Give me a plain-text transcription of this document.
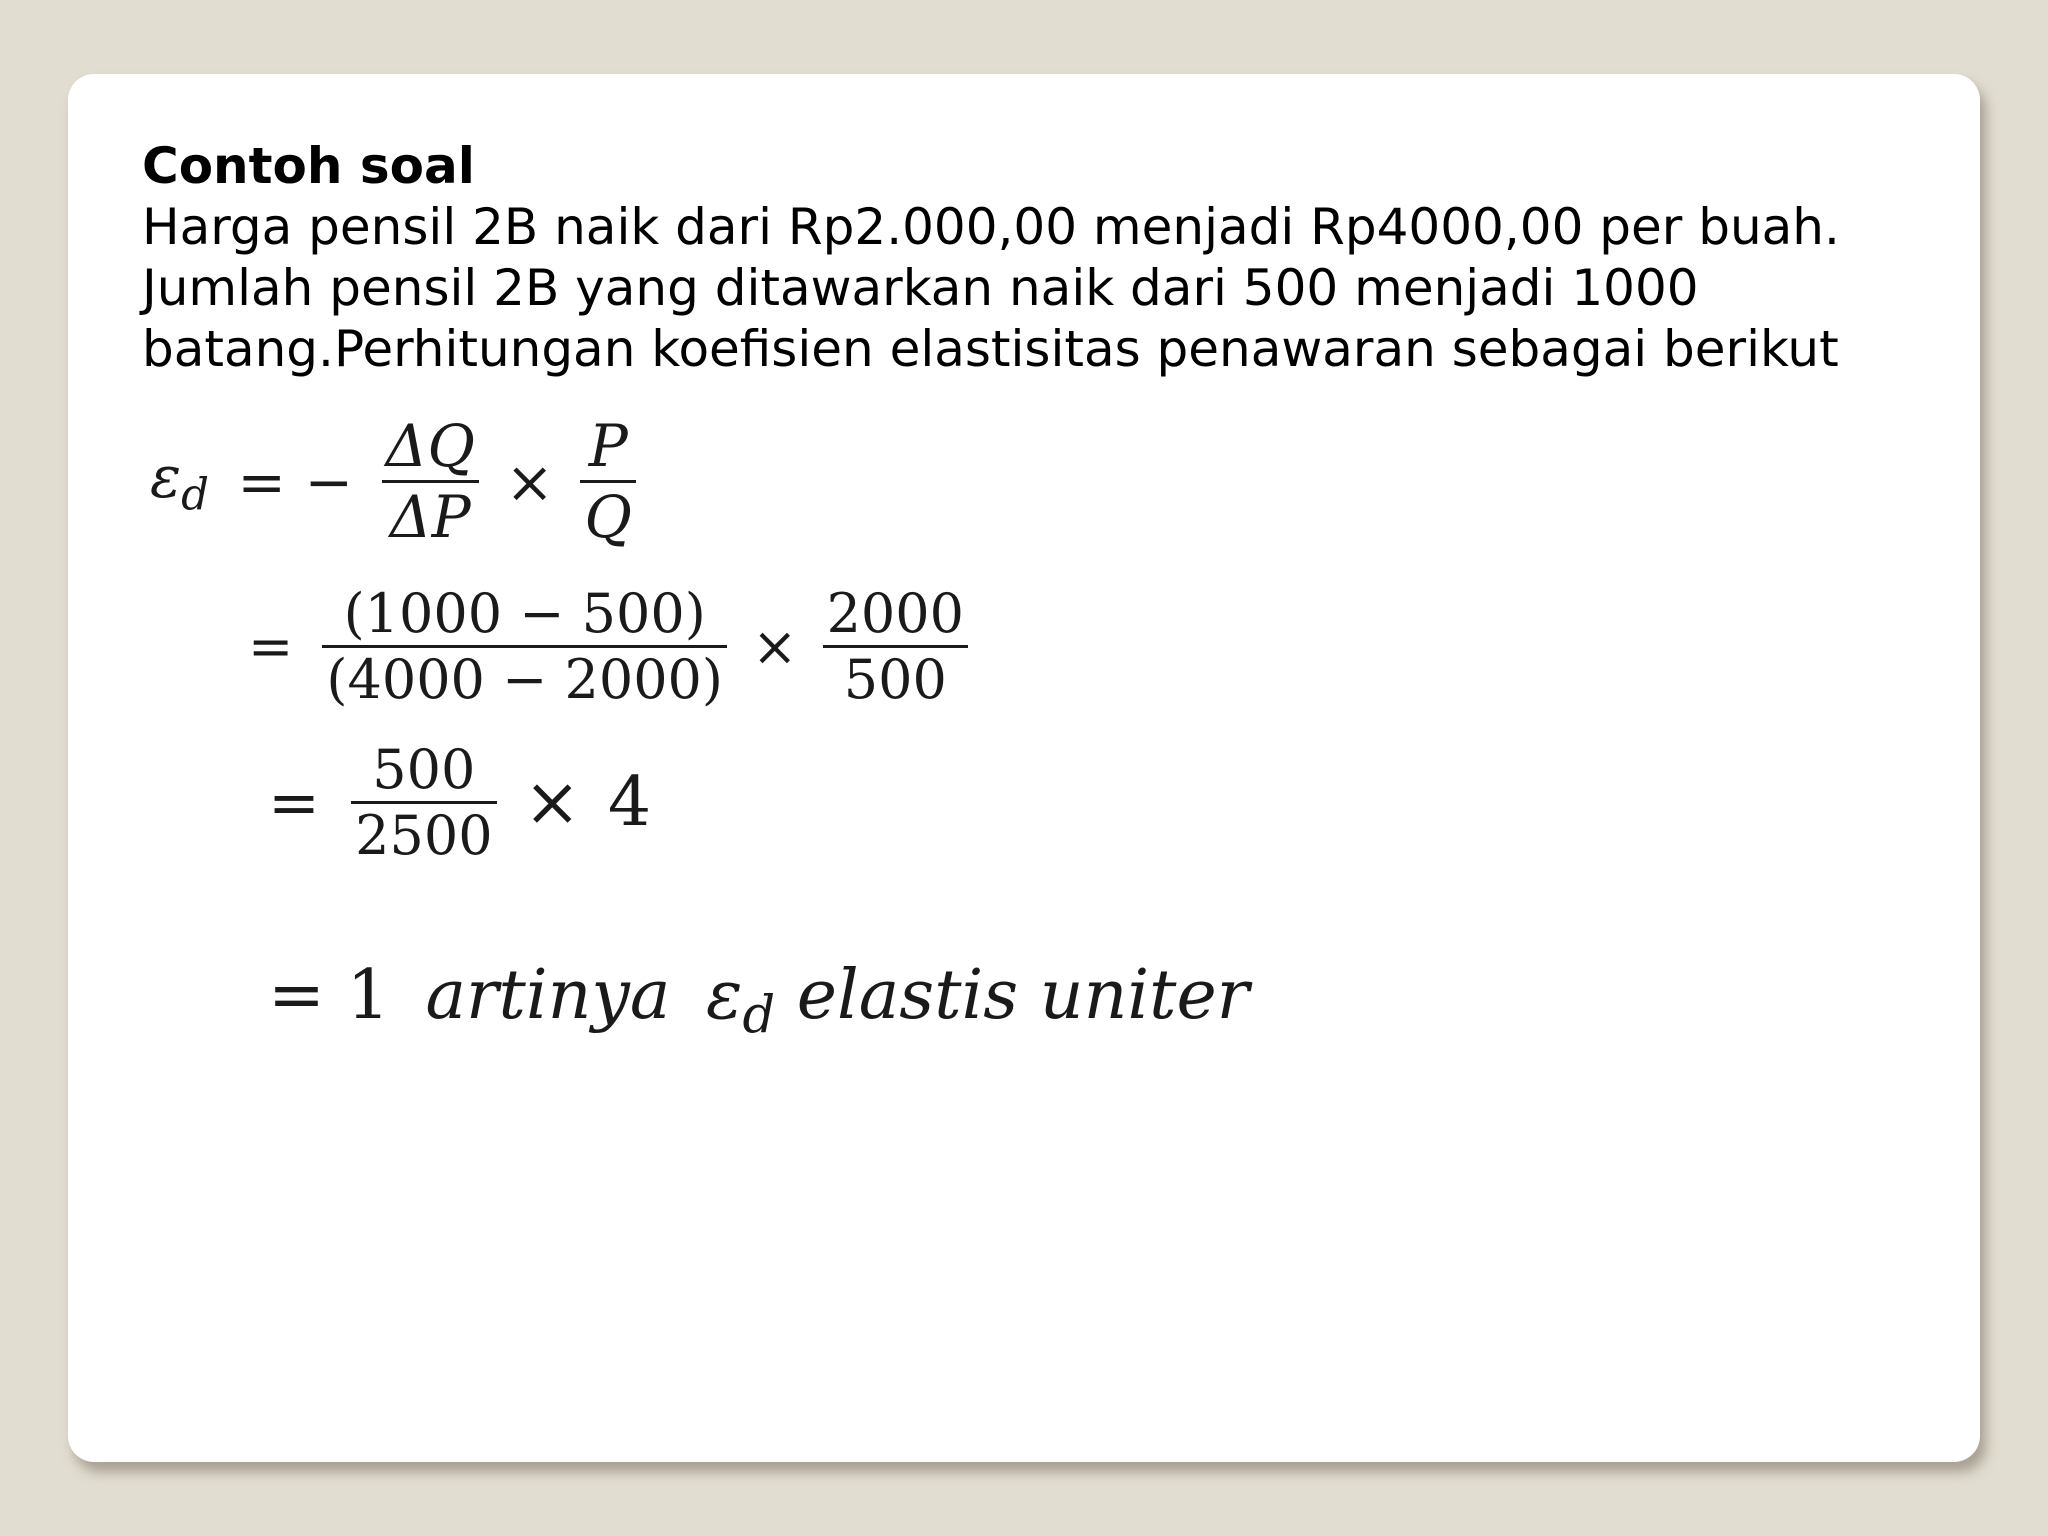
Contoh soal
Harga pensil 2B naik dari Rp2.000,00 menjadi Rp4000,00 per buah.
Jumlah pensil 2B yang ditawarkan naik dari 500 menjadi 1000
batang.Perhitungan koefisien elastisitas penawaran sebagai berikut
$\varepsilon_d$ = − $\frac{\Delta Q}{\Delta P} \times \frac{P}{Q}$
= $\frac{(1000 - 500)}{(4000 - 2000)} \times \frac{2000}{500}$
= $\frac{500}{2500} \times 4$
= 1 artinya $\varepsilon_d$ elastis uniter
